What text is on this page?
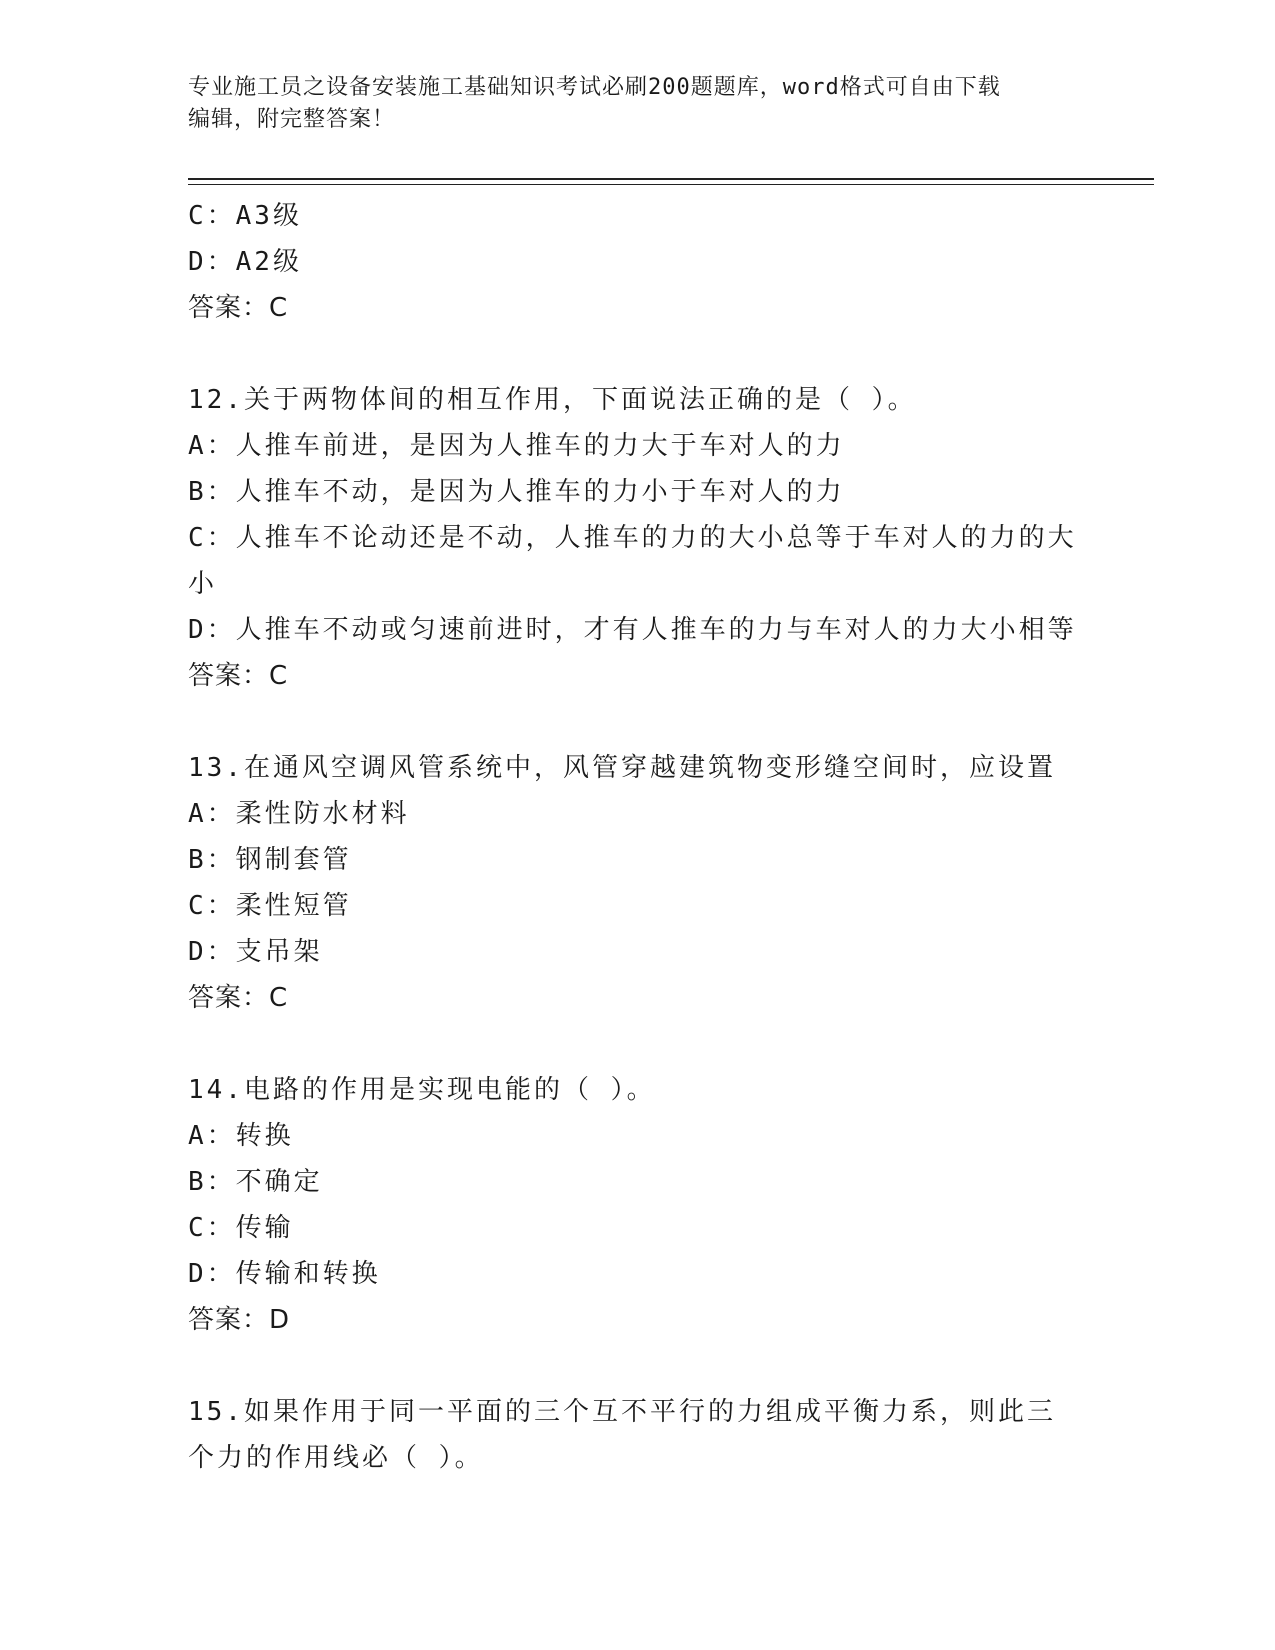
专业施工员之设备安装施工基础知识考试必刷200题题库，word格式可自由下载
编辑，附完整答案！
C：A3级
D：A2级
答案：C
12.关于两物体间的相互作用，下面说法正确的是（ ）。
A：人推车前进，是因为人推车的力大于车对人的力
B：人推车不动，是因为人推车的力小于车对人的力
C：人推车不论动还是不动，人推车的力的大小总等于车对人的力的大小
D：人推车不动或匀速前进时，才有人推车的力与车对人的力大小相等
答案：C
13.在通风空调风管系统中，风管穿越建筑物变形缝空间时，应设置
A：柔性防水材料
B：钢制套管
C：柔性短管
D：支吊架
答案：C
14.电路的作用是实现电能的（ ）。
A：转换
B：不确定
C：传输
D：传输和转换
答案：D
15.如果作用于同一平面的三个互不平行的力组成平衡力系，则此三个力的作用线必（ ）。
